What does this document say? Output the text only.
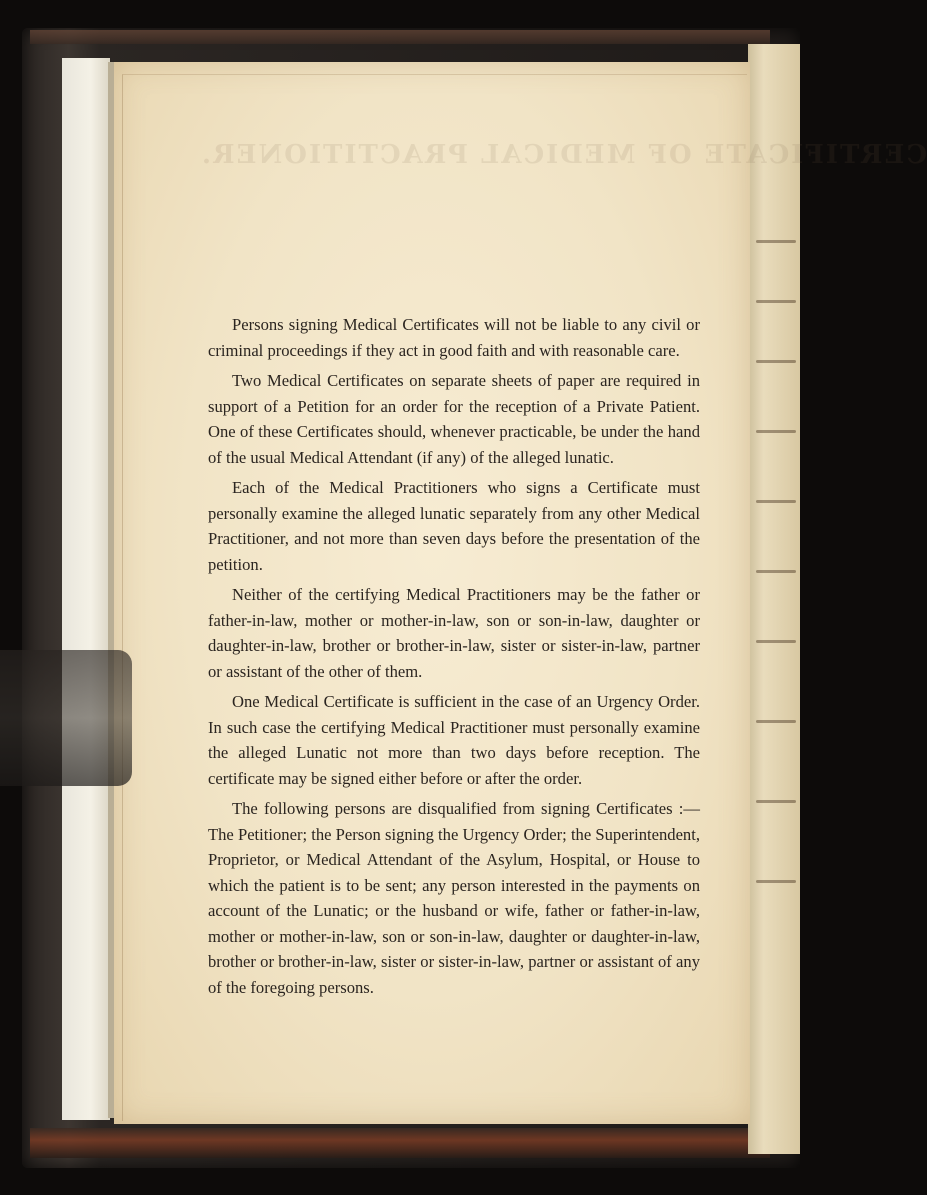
CERTIFICATE OF MEDICAL PRACTITIONER.

Persons signing Medical Certificates will not be liable to any civil or criminal proceedings if they act in good faith and with reasonable care.

Two Medical Certificates on separate sheets of paper are required in support of a Petition for an order for the reception of a Private Patient. One of these Certificates should, whenever practicable, be under the hand of the usual Medical Attendant (if any) of the alleged lunatic.

Each of the Medical Practitioners who signs a Certificate must personally examine the alleged lunatic separately from any other Medical Practitioner, and not more than seven days before the presentation of the petition.

Neither of the certifying Medical Practitioners may be the father or father-in-law, mother or mother-in-law, son or son-in-law, daughter or daughter-in-law, brother or brother-in-law, sister or sister-in-law, partner or assistant of the other of them.

One Medical Certificate is sufficient in the case of an Urgency Order. In such case the certifying Medical Practitioner must personally examine the alleged Lunatic not more than two days before reception. The certificate may be signed either before or after the order.

The following persons are disqualified from signing Certificates :—The Petitioner; the Person signing the Urgency Order; the Superintendent, Proprietor, or Medical Attendant of the Asylum, Hospital, or House to which the patient is to be sent; any person interested in the payments on account of the Lunatic; or the husband or wife, father or father-in-law, mother or mother-in-law, son or son-in-law, daughter or daughter-in-law, brother or brother-in-law, sister or sister-in-law, partner or assistant of any of the foregoing persons.
